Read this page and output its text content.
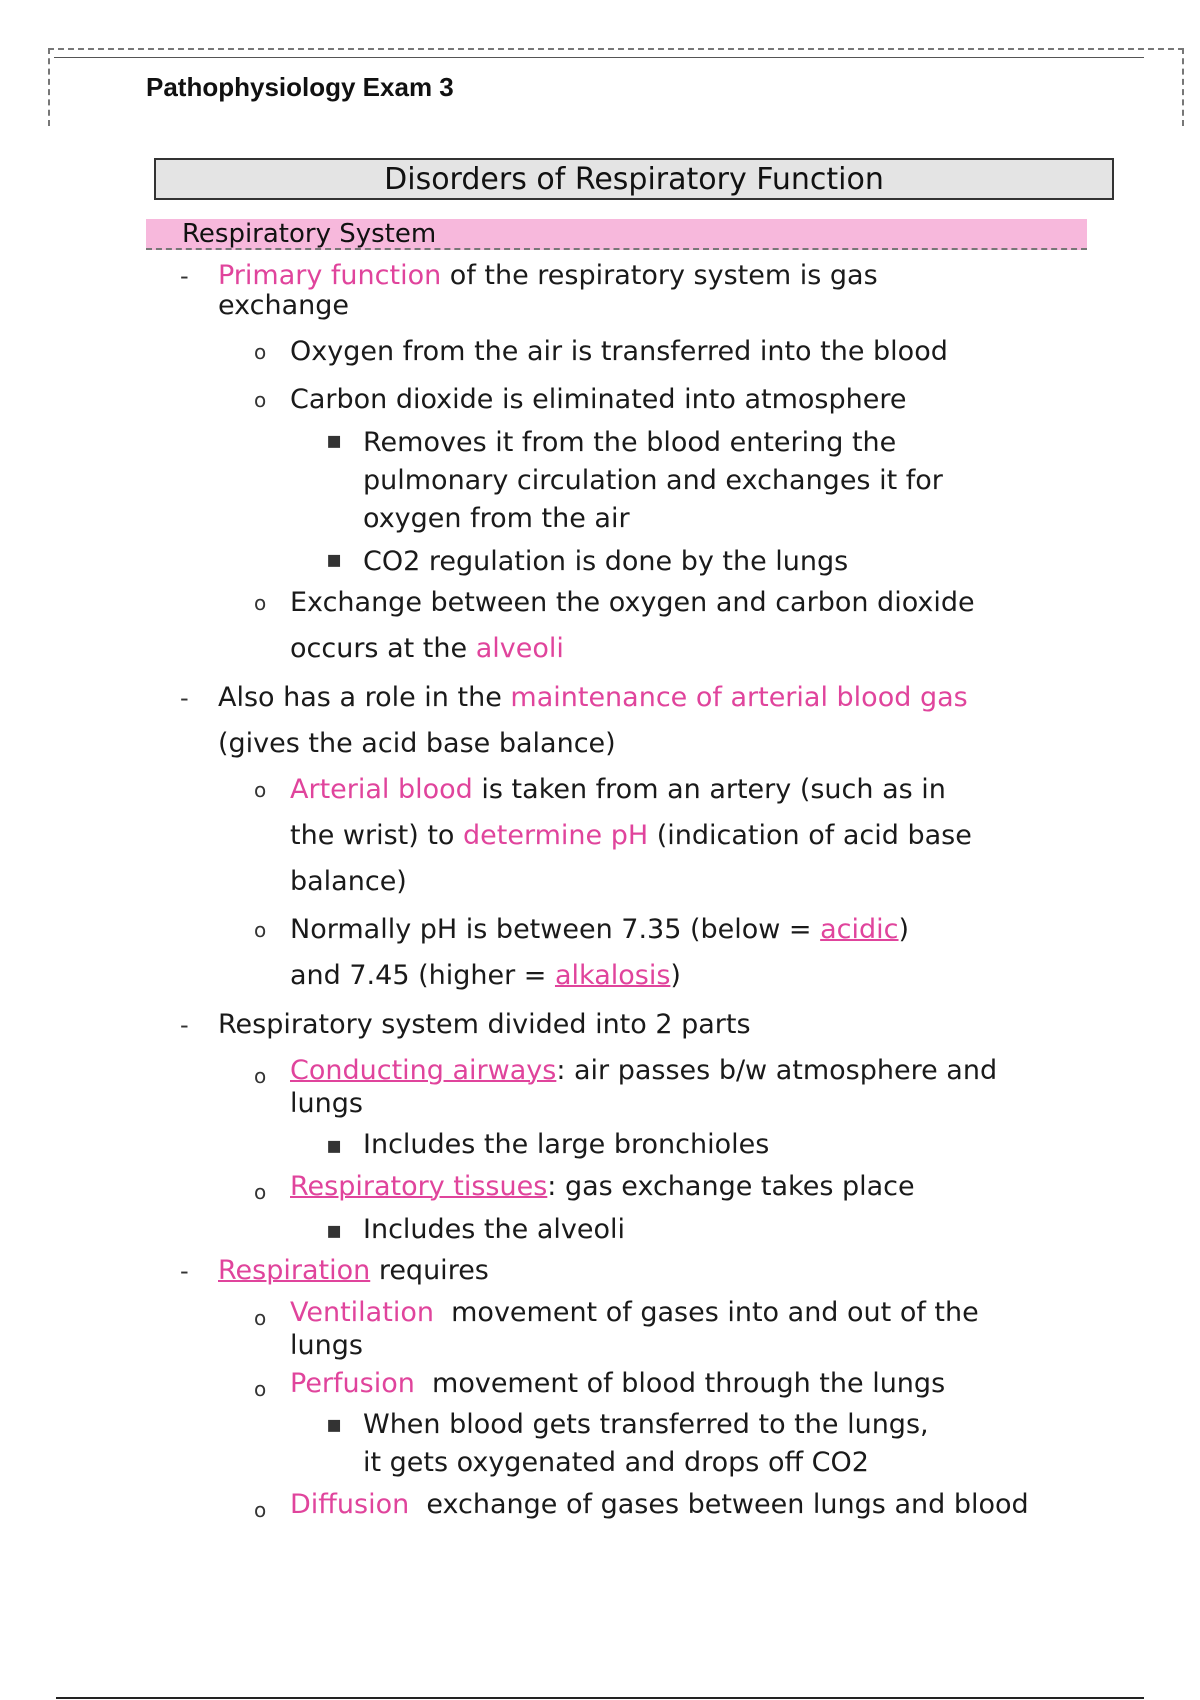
Pathophysiology Exam 3
Disorders of Respiratory Function
Respiratory System
- Primary function of the respiratory system is gas
exchange
o Oxygen from the air is transferred into the blood
o Carbon dioxide is eliminated into atmosphere
▪ Removes it from the blood entering the
pulmonary circulation and exchanges it for
oxygen from the air
▪ CO2 regulation is done by the lungs
o Exchange between the oxygen and carbon dioxide
occurs at the alveoli
- Also has a role in the maintenance of arterial blood gas
(gives the acid base balance)
o Arterial blood is taken from an artery (such as in
the wrist) to determine pH (indication of acid base
balance)
o Normally pH is between 7.35 (below = acidic)
and 7.45 (higher = alkalosis)
- Respiratory system divided into 2 parts
o Conducting airways: air passes b/w atmosphere and
lungs
▪ Includes the large bronchioles
o Respiratory tissues: gas exchange takes place
▪ Includes the alveoli
- Respiration requires
o Ventilation  movement of gases into and out of the
lungs
o Perfusion  movement of blood through the lungs
▪ When blood gets transferred to the lungs,
it gets oxygenated and drops off CO2
o Diffusion  exchange of gases between lungs and blood
